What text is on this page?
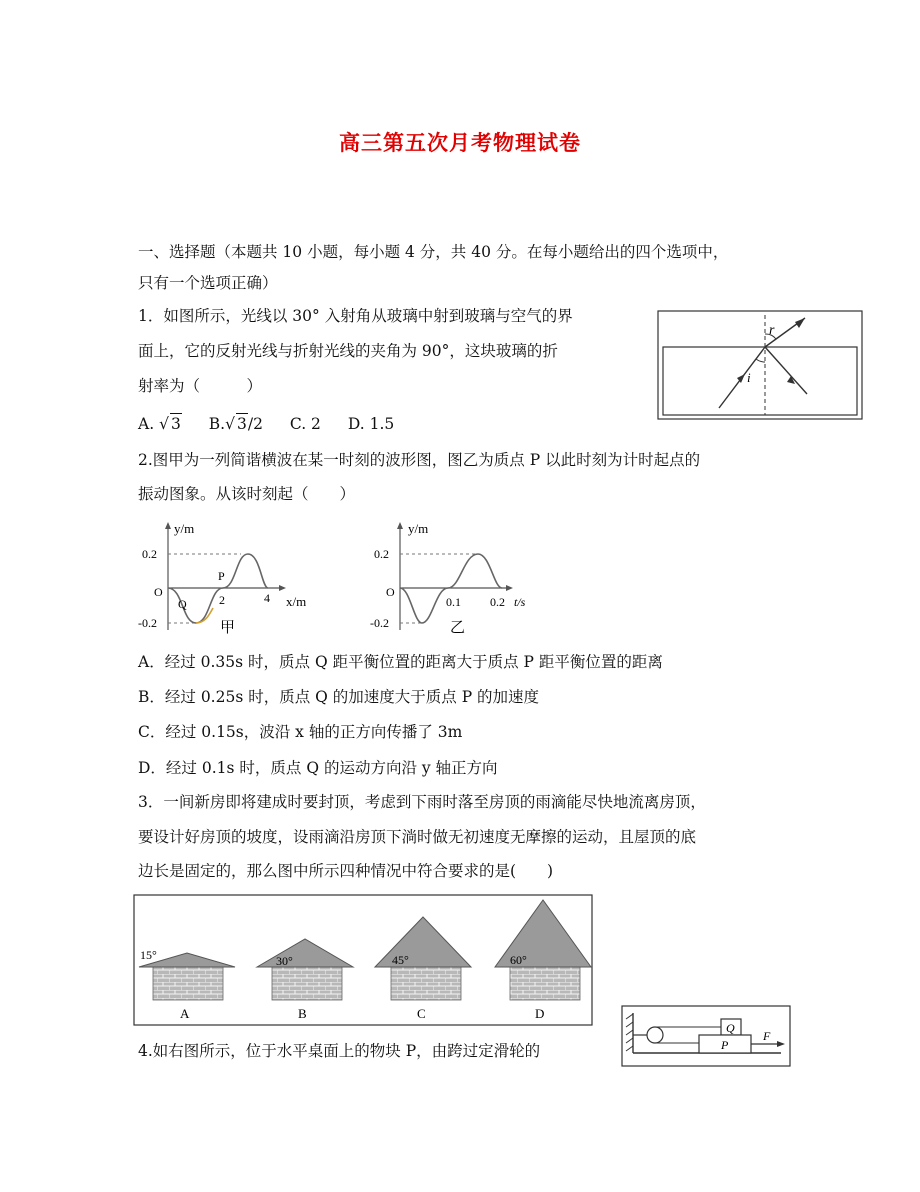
高三第五次月考物理试卷
一、选择题（本题共 10 小题，每小题 4 分，共 40 分。在每小题给出的四个选项中，
只有一个选项正确）
1．如图所示，光线以 30° 入射角从玻璃中射到玻璃与空气的界
面上，它的反射光线与折射光线的夹角为 90°，这块玻璃的折
射率为（　　　）
A. √ 3 B.√ 3/2 C. 2 D. 1.5
r
i
2.图甲为一列简谐横波在某一时刻的波形图，图乙为质点 P 以此时刻为计时起点的
振动图象。从该时刻起（　　）
y/m
0.2
O
-0.2
P
Q	2	4 x/m
甲
y/m
0.2
O
-0.2
0.1 0.2 t/s
乙
A．经过 0.35s 时，质点 Q 距平衡位置的距离大于质点 P 距平衡位置的距离
B．经过 0.25s 时，质点 Q 的加速度大于质点 P 的加速度
C．经过 0.15s，波沿 x 轴的正方向传播了 3m
D．经过 0.1s 时，质点 Q 的运动方向沿 y 轴正方向
3．一间新房即将建成时要封顶，考虑到下雨时落至房顶的雨滴能尽快地流离房顶，
要设计好房顶的坡度，设雨滴沿房顶下淌时做无初速度无摩擦的运动，且屋顶的底
边长是固定的，那么图中所示四种情况中符合要求的是(　　)
15°
A
30°
B
45°
C
60°
D
4.如右图所示，位于水平桌面上的物块 P，由跨过定滑轮的
Q
P
F
